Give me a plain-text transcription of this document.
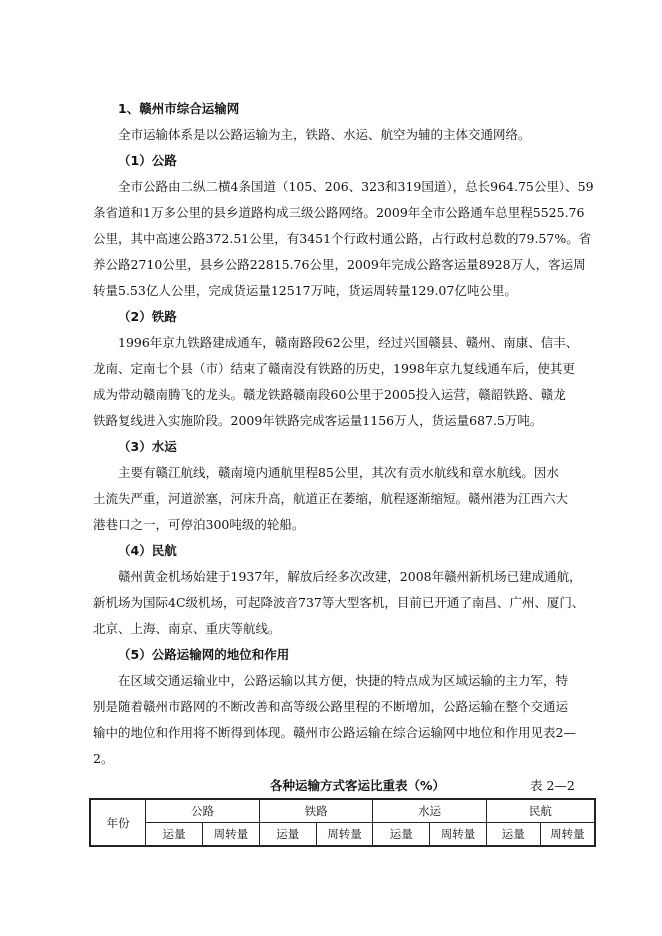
1、赣州市综合运输网
全市运输体系是以公路运输为主，铁路、水运、航空为辅的主体交通网络。
（1）公路
全市公路由二纵二横4条国道（105、206、323和319国道），总长964.75公里）、59
条省道和1万多公里的县乡道路构成三级公路网络。2009年全市公路通车总里程5525.76
公里，其中高速公路372.51公里，有3451个行政村通公路，占行政村总数的79.57%。省
养公路2710公里，县乡公路22815.76公里，2009年完成公路客运量8928万人，客运周
转量5.53亿人公里，完成货运量12517万吨，货运周转量129.07亿吨公里。
（2）铁路
1996年京九铁路建成通车，赣南路段62公里，经过兴国赣县、赣州、南康、信丰、
龙南、定南七个县（市）结束了赣南没有铁路的历史，1998年京九复线通车后，使其更
成为带动赣南腾飞的龙头。赣龙铁路赣南段60公里于2005投入运营，赣韶铁路、赣龙
铁路复线进入实施阶段。2009年铁路完成客运量1156万人，货运量687.5万吨。
（3）水运
主要有赣江航线，赣南境内通航里程85公里，其次有贡水航线和章水航线。因水
土流失严重，河道淤塞，河床升高，航道正在萎缩，航程逐渐缩短。赣州港为江西六大
港巷口之一，可停泊300吨级的轮船。
（4）民航
赣州黄金机场始建于1937年，解放后经多次改建，2008年赣州新机场已建成通航，
新机场为国际4C级机场，可起降波音737等大型客机，目前已开通了南昌、广州、厦门、
北京、上海、南京、重庆等航线。
（5）公路运输网的地位和作用
在区域交通运输业中，公路运输以其方便，快捷的特点成为区域运输的主力军，特
别是随着赣州市路网的不断改善和高等级公路里程的不断增加，公路运输在整个交通运
输中的地位和作用将不断得到体现。赣州市公路运输在综合运输网中地位和作用见表2—
2。
各种运输方式客运比重表（%）	表 2—2
年份	公路		铁路		水运		民航	
	运量	周转量	运量	周转量	运量	周转量	运量	周转量
